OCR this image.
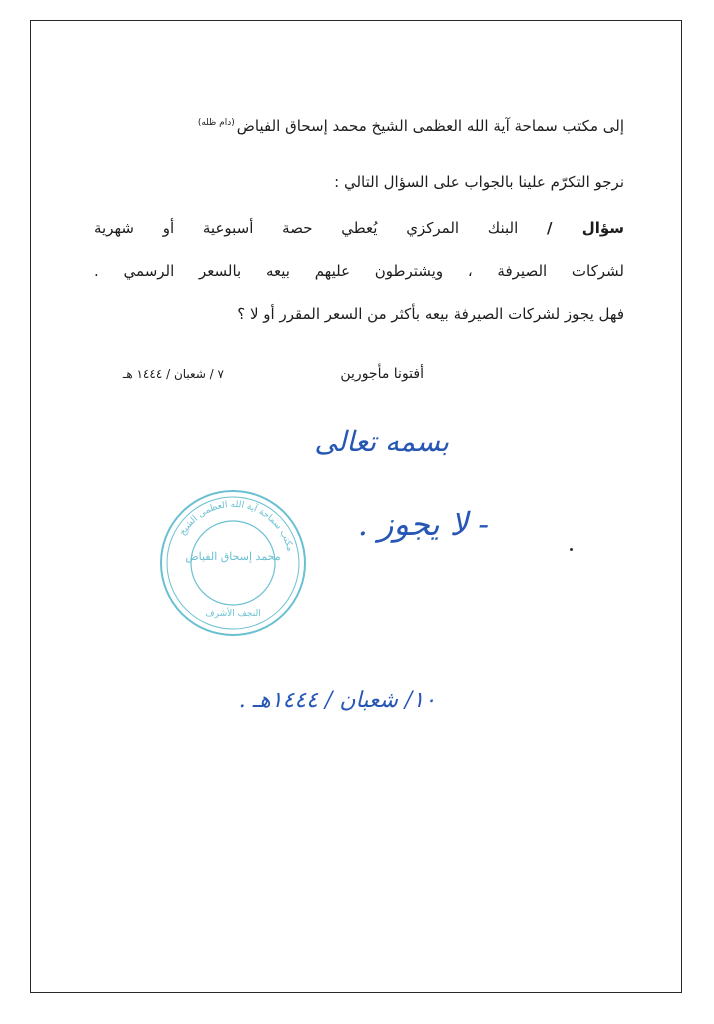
إلى مكتب سماحة آية الله العظمى الشيخ محمد إسحاق الفياض$^{(دام ظله)}$
نرجو التكرّم علينا بالجواب على السؤال التالي :
سؤال / البنك المركزي يُعطي حصة أسبوعية أو شهرية
لشركات الصيرفة ، ويشترطون عليهم بيعه بالسعر الرسمي .
فهل يجوز لشركات الصيرفة بيعه بأكثر من السعر المقرر أو لا ؟
أفتونا مأجورين
٧ / شعبان / ١٤٤٤ هـ
بسمه تعالى
- لا يجوز .
مكتب سماحة آية الله العظمى الشيخ
محمد إسحاق الفياض
النجف الأشرف
١٠/ شعبان / ١٤٤٤هـ .
